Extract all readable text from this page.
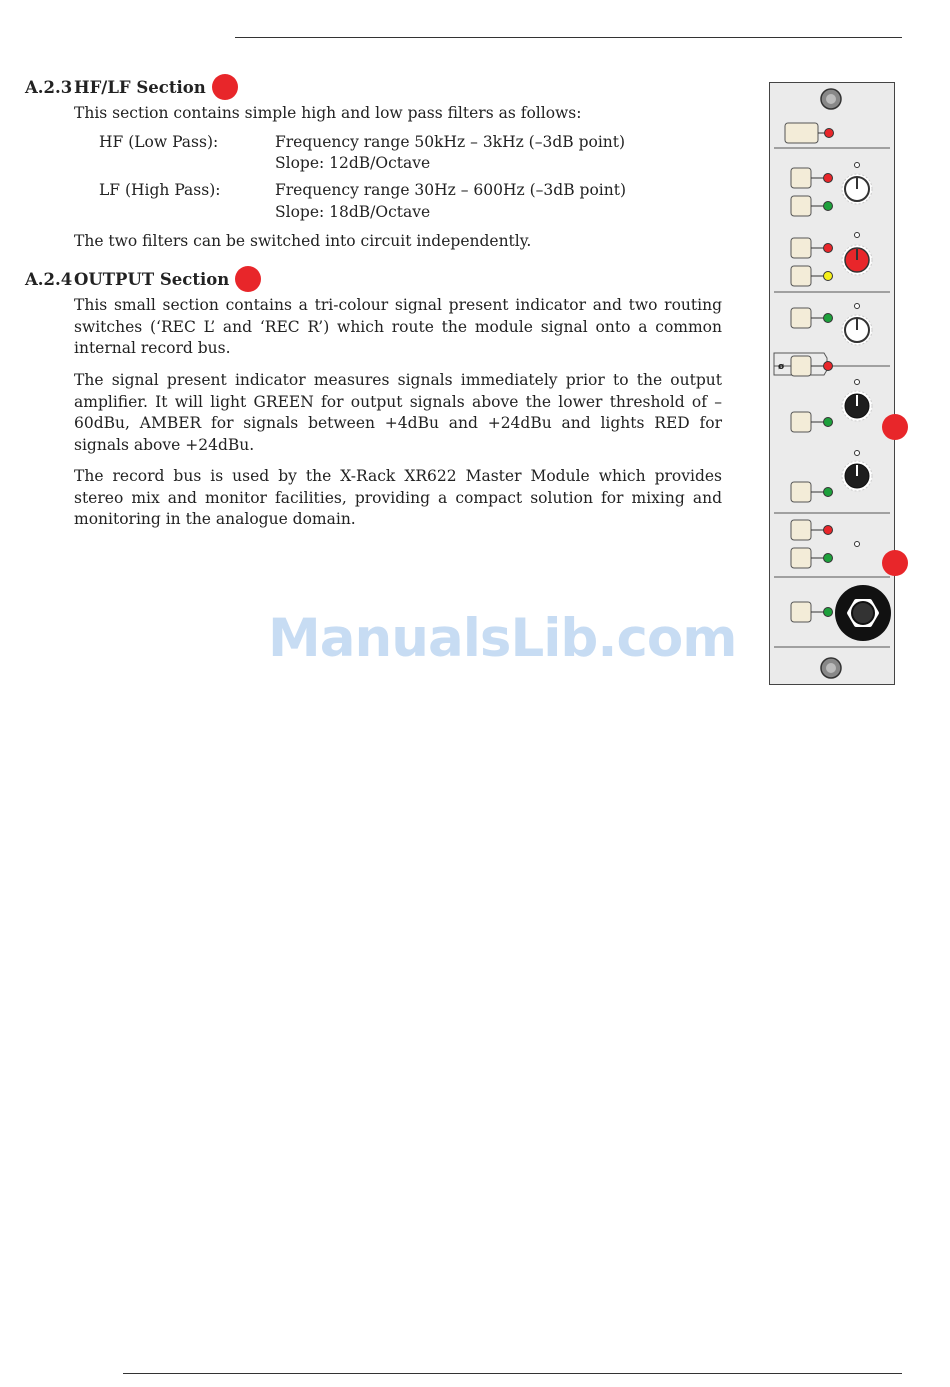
A.2.3 HF/LF Section
This section contains simple high and low pass filters as follows:
HF (Low Pass):	Frequency range 50kHz – 3kHz (–3dB point)
Slope: 12dB/Octave
LF (High Pass):	Frequency range 30Hz – 600Hz (–3dB point)
Slope: 18dB/Octave
The two filters can be switched into circuit independently.
A.2.4 OUTPUT Section
This small section contains a tri-colour signal present indicator and two routing switches (‘REC L’ and ‘REC R’) which route the module signal onto a common internal record bus.
The signal present indicator measures signals immediately prior to the output amplifier. It will light GREEN for output signals above the lower threshold of –60dBu, AMBER for signals between +4dBu and +24dBu and lights RED for signals above +24dBu.
The record bus is used by the X-Rack XR622 Master Module which provides stereo mix and monitor facilities, providing a compact solution for mixing and monitoring in the analogue domain.
ManualsLib.com
ø
